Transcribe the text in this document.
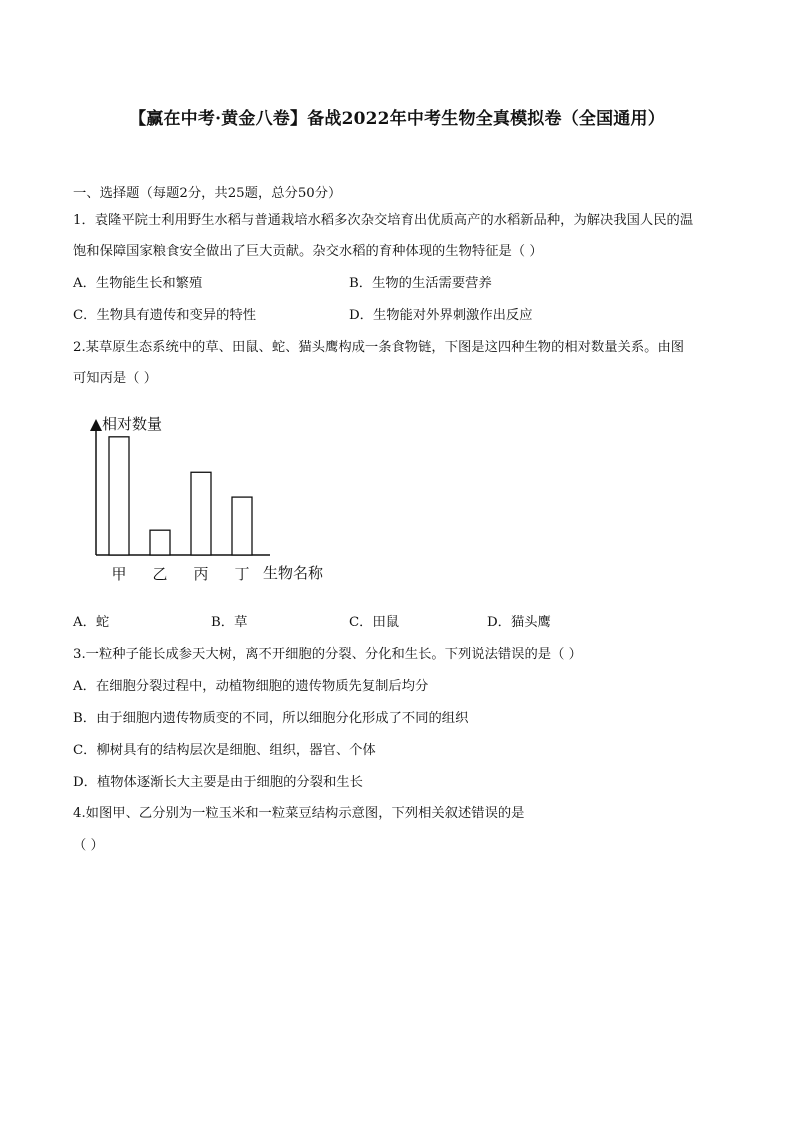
【赢在中考·黄金八卷】备战2022年中考生物全真模拟卷（全国通用）
一、选择题（每题2分，共25题，总分50分）
1．袁隆平院士利用野生水稻与普通栽培水稻多次杂交培育出优质高产的水稻新品种，为解决我国人民的温
饱和保障国家粮食安全做出了巨大贡献。杂交水稻的育种体现的生物特征是（ ）
A．生物能生长和繁殖	B．生物的生活需要营养
C．生物具有遗传和变异的特性	D．生物能对外界刺激作出反应
2.某草原生态系统中的草、田鼠、蛇、猫头鹰构成一条食物链，下图是这四种生物的相对数量关系。由图
可知丙是（ ）
相对数量
生物名称
甲 乙 丙 丁
A．蛇	B．草	C．田鼠	D．猫头鹰
3.一粒种子能长成参天大树，离不开细胞的分裂、分化和生长。下列说法错误的是（ ）
A．在细胞分裂过程中，动植物细胞的遗传物质先复制后均分
B．由于细胞内遗传物质变的不同，所以细胞分化形成了不同的组织
C．柳树具有的结构层次是细胞、组织，器官、个体
D．植物体逐渐长大主要是由于细胞的分裂和生长
4.如图甲、乙分别为一粒玉米和一粒菜豆结构示意图，下列相关叙述错误的是
（ ）
